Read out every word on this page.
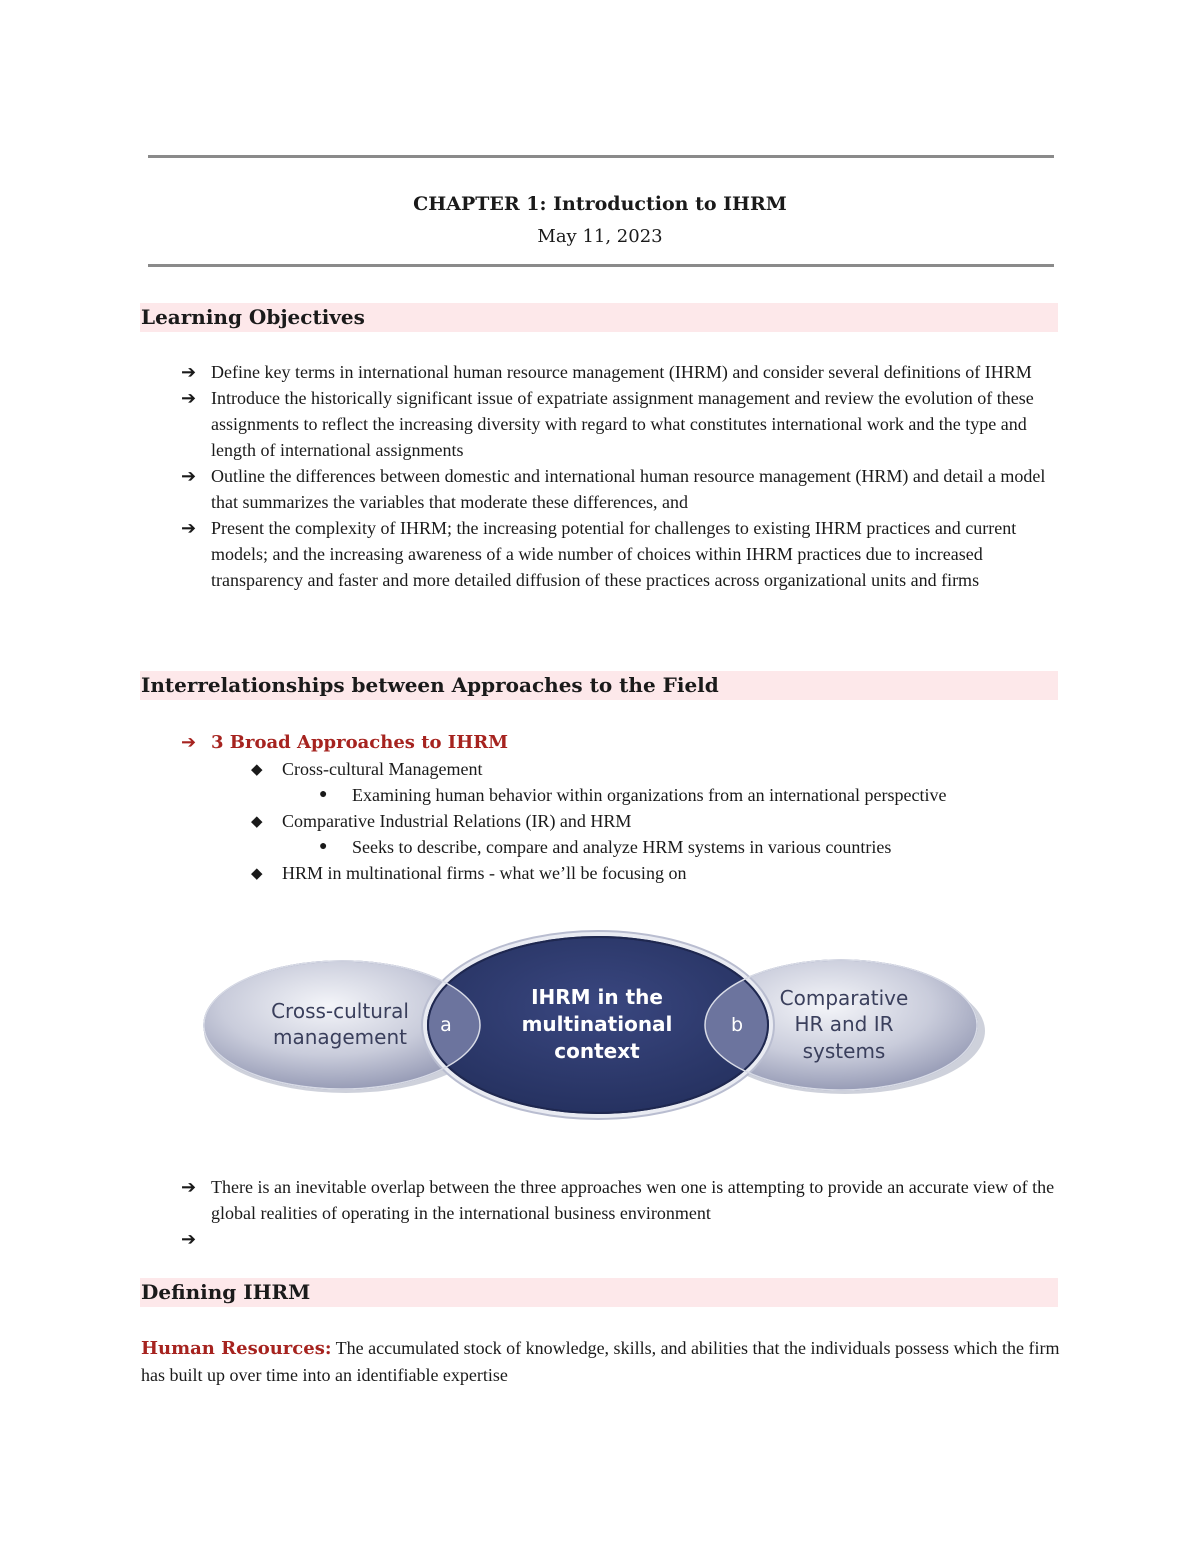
CHAPTER 1: Introduction to IHRM
May 11, 2023
Learning Objectives
➔ Define key terms in international human resource management (IHRM) and consider several definitions of IHRM
➔ Introduce the historically significant issue of expatriate assignment management and review the evolution of these assignments to reflect the increasing diversity with regard to what constitutes international work and the type and length of international assignments
➔ Outline the differences between domestic and international human resource management (HRM) and detail a model that summarizes the variables that moderate these differences, and
➔ Present the complexity of IHRM; the increasing potential for challenges to existing IHRM practices and current models; and the increasing awareness of a wide number of choices within IHRM practices due to increased transparency and faster and more detailed diffusion of these practices across organizational units and firms
Interrelationships between Approaches to the Field
➔ 3 Broad Approaches to IHRM
◆ Cross-cultural Management
● Examining human behavior within organizations from an international perspective
◆ Comparative Industrial Relations (IR) and HRM
● Seeks to describe, compare and analyze HRM systems in various countries
◆ HRM in multinational firms - what we’ll be focusing on
Cross-cultural
management
Comparative
HR and IR
systems
IHRM in the
multinational
context
a	b
➔ There is an inevitable overlap between the three approaches wen one is attempting to provide an accurate view of the global realities of operating in the international business environment
➔
Defining IHRM

Human Resources: The accumulated stock of knowledge, skills, and abilities that the individuals possess which the firm has built up over time into an identifiable expertise
